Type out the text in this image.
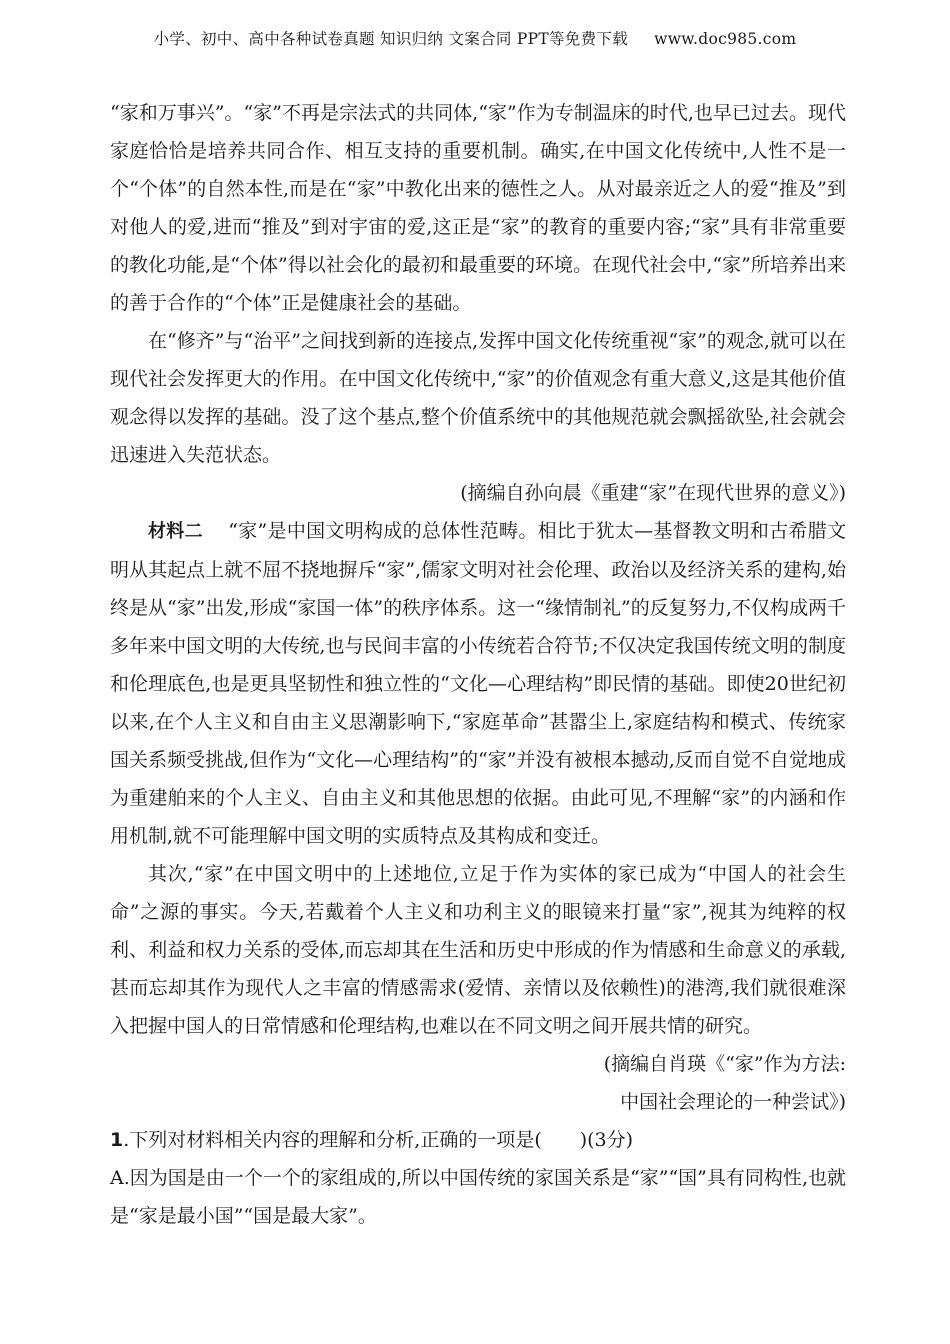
小学、初中、高中各种试卷真题 知识归纳 文案合同 PPT等免费下载 www.doc985.com

“家和万事兴”。“家”不再是宗法式的共同体,“家”作为专制温床的时代,也早已过去。现代家庭恰恰是培养共同合作、相互支持的重要机制。确实,在中国文化传统中,人性不是一个“个体”的自然本性,而是在“家”中教化出来的德性之人。从对最亲近之人的爱“推及”到对他人的爱,进而“推及”到对宇宙的爱,这正是“家”的教育的重要内容;“家”具有非常重要的教化功能,是“个体”得以社会化的最初和最重要的环境。在现代社会中,“家”所培养出来的善于合作的“个体”正是健康社会的基础。

在“修齐”与“治平”之间找到新的连接点,发挥中国文化传统重视“家”的观念,就可以在现代社会发挥更大的作用。在中国文化传统中,“家”的价值观念有重大意义,这是其他价值观念得以发挥的基础。没了这个基点,整个价值系统中的其他规范就会飘摇欲坠,社会就会迅速进入失范状态。

(摘编自孙向晨《重建“家”在现代世界的意义》)

材料二 “家”是中国文明构成的总体性范畴。相比于犹太—基督教文明和古希腊文明从其起点上就不屈不挠地摒斥“家”,儒家文明对社会伦理、政治以及经济关系的建构,始终是从“家”出发,形成“家国一体”的秩序体系。这一“缘情制礼”的反复努力,不仅构成两千多年来中国文明的大传统,也与民间丰富的小传统若合符节;不仅决定我国传统文明的制度和伦理底色,也是更具坚韧性和独立性的“文化—心理结构”即民情的基础。即使20世纪初以来,在个人主义和自由主义思潮影响下,“家庭革命”甚嚣尘上,家庭结构和模式、传统家国关系频受挑战,但作为“文化—心理结构”的“家”并没有被根本撼动,反而自觉不自觉地成为重建舶来的个人主义、自由主义和其他思想的依据。由此可见,不理解“家”的内涵和作用机制,就不可能理解中国文明的实质特点及其构成和变迁。

其次,“家”在中国文明中的上述地位,立足于作为实体的家已成为“中国人的社会生命”之源的事实。今天,若戴着个人主义和功利主义的眼镜来打量“家”,视其为纯粹的权利、利益和权力关系的受体,而忘却其在生活和历史中形成的作为情感和生命意义的承载,甚而忘却其作为现代人之丰富的情感需求(爱情、亲情以及依赖性)的港湾,我们就很难深入把握中国人的日常情感和伦理结构,也难以在不同文明之间开展共情的研究。

(摘编自肖瑛《“家”作为方法:

中国社会理论的一种尝试》)

1.下列对材料相关内容的理解和分析,正确的一项是(　　)(3分)

A.因为国是由一个一个的家组成的,所以中国传统的家国关系是“家”“国”具有同构性,也就是“家是最小国”“国是最大家”。
